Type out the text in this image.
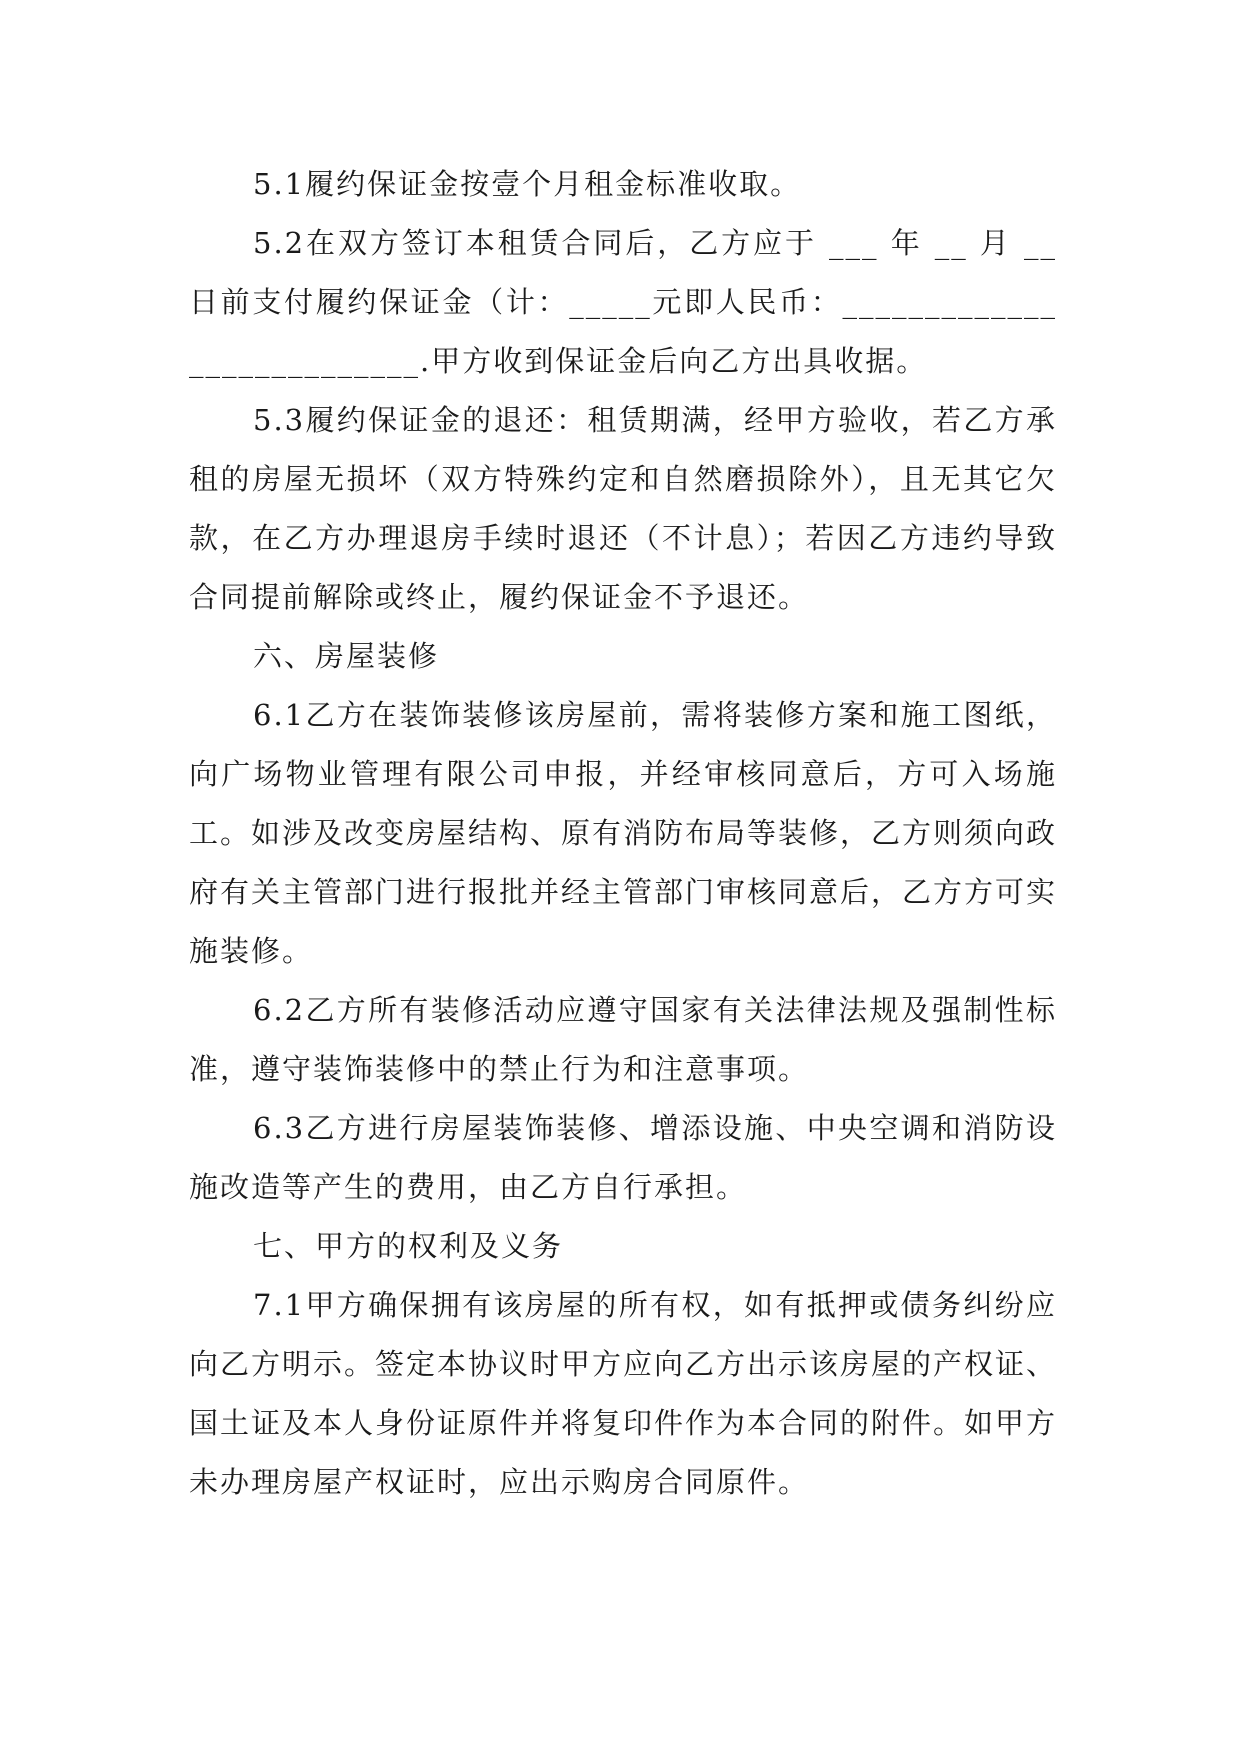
5.1履约保证金按壹个月租金标准收取。

5.2在双方签订本租赁合同后，乙方应于 ___ 年 __ 月 __ 日前支付履约保证金（计：_____元即人民币：___________________________.甲方收到保证金后向乙方出具收据。

5.3履约保证金的退还：租赁期满，经甲方验收，若乙方承租的房屋无损坏（双方特殊约定和自然磨损除外），且无其它欠款，在乙方办理退房手续时退还（不计息）；若因乙方违约导致合同提前解除或终止，履约保证金不予退还。

六、房屋装修

6.1乙方在装饰装修该房屋前，需将装修方案和施工图纸，向广场物业管理有限公司申报，并经审核同意后，方可入场施工。如涉及改变房屋结构、原有消防布局等装修，乙方则须向政府有关主管部门进行报批并经主管部门审核同意后，乙方方可实施装修。

6.2乙方所有装修活动应遵守国家有关法律法规及强制性标准，遵守装饰装修中的禁止行为和注意事项。

6.3乙方进行房屋装饰装修、增添设施、中央空调和消防设施改造等产生的费用，由乙方自行承担。

七、甲方的权利及义务

7.1甲方确保拥有该房屋的所有权，如有抵押或债务纠纷应向乙方明示。签定本协议时甲方应向乙方出示该房屋的产权证、国土证及本人身份证原件并将复印件作为本合同的附件。如甲方未办理房屋产权证时，应出示购房合同原件。
